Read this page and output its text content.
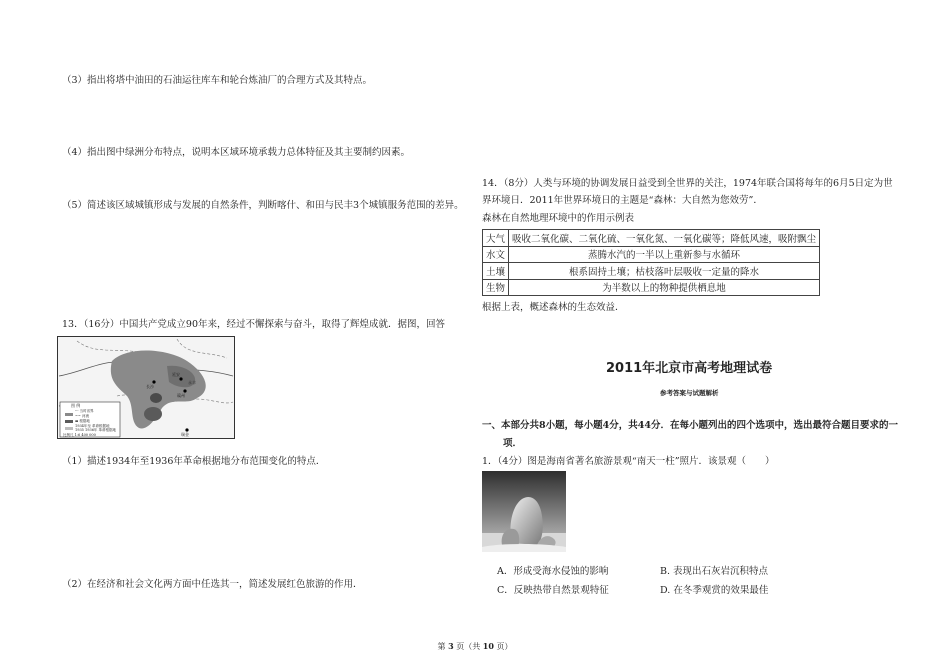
（3）指出将塔中油田的石油运往库车和轮台炼油厂的合理方式及其特点。
（4）指出图中绿洲分布特点，说明本区域环境承载力总体特征及其主要制约因素。
（5）简述该区域城镇形成与发展的自然条件，判断喀什、和田与民丰3个城镇服务范围的差异。
13．（16分）中国共产党成立90年来，经过不懈探索与奋斗，取得了辉煌成就．据图，回答
图 例
--- 当时省界
~~ 河流
▬ 根据地
1934年至 革命根据地
1935 1936年 革命根据地
比例尺 1:6 400 000
延安
长沙
赣州
永丰
瑞金
（1）描述1934年至1936年革命根据地分布范围变化的特点．
（2）在经济和社会文化两方面中任选其一，简述发展红色旅游的作用．
14．（8分）人类与环境的协调发展日益受到全世界的关注，1974年联合国将每年的6月5日定为世
界环境日．2011年世界环境日的主题是“森林：大自然为您效劳”．
森林在自然地理环境中的作用示例表
大气	吸收二氧化碳、二氧化硫、一氧化氮、一氧化碳等；降低风速，吸附飘尘
水文	蒸腾水汽的一半以上重新参与水循环
土壤	根系固持土壤；枯枝落叶层吸收一定量的降水
生物	为半数以上的物种提供栖息地
根据上表，概述森林的生态效益．
2011年北京市高考地理试卷
参考答案与试题解析
一、本部分共8小题，每小题4分，共44分．在每小题列出的四个选项中，选出最符合题目要求的一
项．
1．（4分）图是海南省著名旅游景观“南天一柱”照片．该景观（　　）
A．形成受海水侵蚀的影响	B. 表现出石灰岩沉积特点
C．反映热带自然景观特征	D. 在冬季观赏的效果最佳
第 3 页（共 10 页）
